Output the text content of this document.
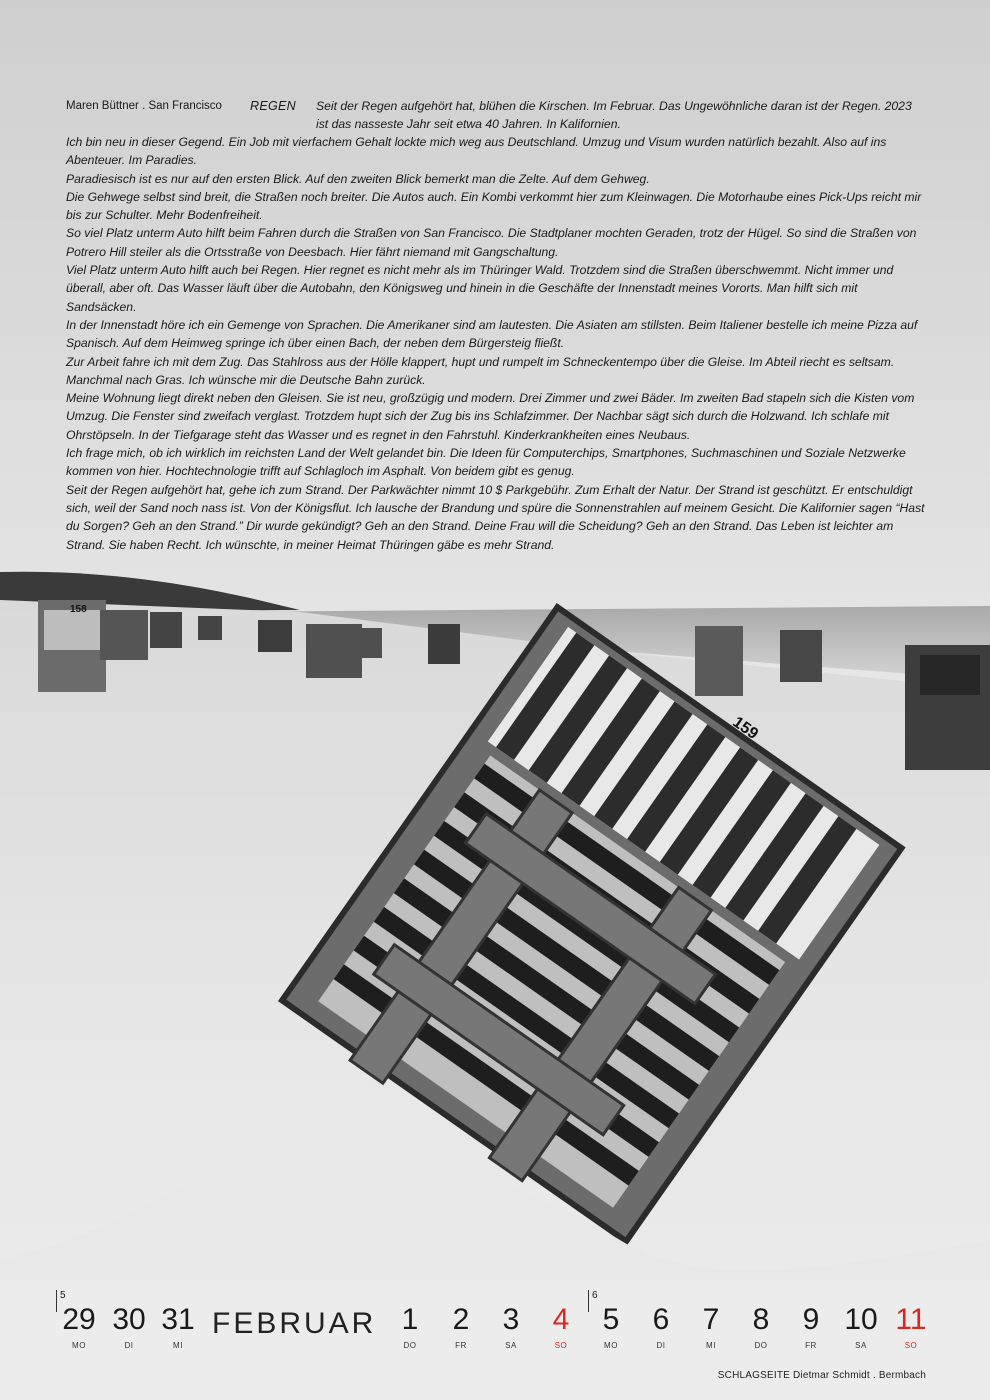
158
159
Maren Büttner . San Francisco REGEN Seit der Regen aufgehört hat, blühen die Kirschen. Im Februar. Das Ungewöhnliche daran ist der Regen. 2023 ist das nasseste Jahr seit etwa 40 Jahren. In Kalifornien.

Ich bin neu in dieser Gegend. Ein Job mit vierfachem Gehalt lockte mich weg aus Deutschland. Umzug und Visum wurden natürlich bezahlt. Also auf ins Abenteuer. Im Paradies.

Paradiesisch ist es nur auf den ersten Blick. Auf den zweiten Blick bemerkt man die Zelte. Auf dem Gehweg.

Die Gehwege selbst sind breit, die Straßen noch breiter. Die Autos auch. Ein Kombi verkommt hier zum Kleinwagen. Die Motorhaube eines Pick-Ups reicht mir bis zur Schulter. Mehr Bodenfreiheit.

So viel Platz unterm Auto hilft beim Fahren durch die Straßen von San Francisco. Die Stadtplaner mochten Geraden, trotz der Hügel. So sind die Straßen von Potrero Hill steiler als die Ortsstraße von Deesbach. Hier fährt niemand mit Gangschaltung.

Viel Platz unterm Auto hilft auch bei Regen. Hier regnet es nicht mehr als im Thüringer Wald. Trotzdem sind die Straßen überschwemmt. Nicht immer und überall, aber oft. Das Wasser läuft über die Autobahn, den Königsweg und hinein in die Geschäfte der Innenstadt meines Vororts. Man hilft sich mit Sandsäcken.

In der Innenstadt höre ich ein Gemenge von Sprachen. Die Amerikaner sind am lautesten. Die Asiaten am stillsten. Beim Italiener bestelle ich meine Pizza auf Spanisch. Auf dem Heimweg springe ich über einen Bach, der neben dem Bürgersteig fließt.

Zur Arbeit fahre ich mit dem Zug. Das Stahlross aus der Hölle klappert, hupt und rumpelt im Schneckentempo über die Gleise. Im Abteil riecht es seltsam. Manchmal nach Gras. Ich wünsche mir die Deutsche Bahn zurück.

Meine Wohnung liegt direkt neben den Gleisen. Sie ist neu, großzügig und modern. Drei Zimmer und zwei Bäder. Im zweiten Bad stapeln sich die Kisten vom Umzug. Die Fenster sind zweifach verglast. Trotzdem hupt sich der Zug bis ins Schlafzimmer. Der Nachbar sägt sich durch die Holzwand. Ich schlafe mit Ohrstöpseln. In der Tiefgarage steht das Wasser und es regnet in den Fahrstuhl. Kinderkrankheiten eines Neubaus.

Ich frage mich, ob ich wirklich im reichsten Land der Welt gelandet bin. Die Ideen für Computerchips, Smartphones, Suchmaschinen und Soziale Netzwerke kommen von hier. Hochtechnologie trifft auf Schlagloch im Asphalt. Von beidem gibt es genug.

Seit der Regen aufgehört hat, gehe ich zum Strand. Der Parkwächter nimmt 10 $ Parkgebühr. Zum Erhalt der Natur. Der Strand ist geschützt. Er entschuldigt sich, weil der Sand noch nass ist. Von der Königsflut. Ich lausche der Brandung und spüre die Sonnenstrahlen auf meinem Gesicht. Die Kalifornier sagen “Hast du Sorgen? Geh an den Strand.” Dir wurde gekündigt? Geh an den Strand. Deine Frau will die Scheidung? Geh an den Strand. Das Leben ist leichter am Strand. Sie haben Recht. Ich wünschte, in meiner Heimat Thüringen gäbe es mehr Strand.

5	6
29
MO
30
DI
31
MI
FEBRUAR 1
DO
2
FR
3
SA
4
SO
5
MO
6
DI
7
MI
8
DO
9
FR
10
SA
11
SO
SCHLAGSEITE Dietmar Schmidt . Bermbach
